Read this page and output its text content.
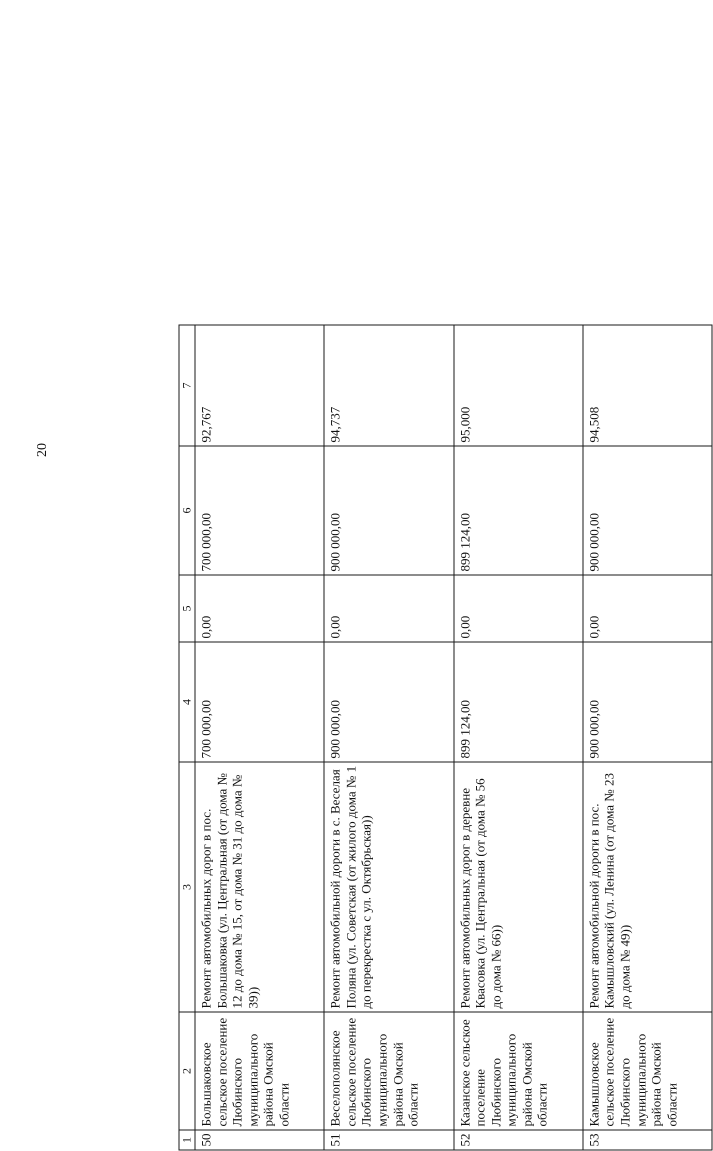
20
1	2	3	4	5	6	7
50	Большаковское сельское поселение Любинского муниципального района Омской области	Ремонт автомобильных дорог в пос. Большаковка (ул. Центральная (от дома № 12 до дома № 15, от дома № 31 до дома № 39))	700 000,00	0,00	700 000,00	92,767
51	Веселополянское сельское поселение Любинского муниципального района Омской области	Ремонт автомобильной дороги в с. Веселая Поляна (ул. Советская (от жилого дома № 1 до перекрестка с ул. Октябрьская))	900 000,00	0,00	900 000,00	94,737
52	Казанское сельское поселение Любинского муниципального района Омской области	Ремонт автомобильных дорог в деревне Квасовка (ул. Центральная (от дома № 56 до дома № 66))	899 124,00	0,00	899 124,00	95,000
53	Камышловское сельское поселение Любинского муниципального района Омской области	Ремонт автомобильной дороги в пос. Камышловский (ул. Ленина (от дома № 23 до дома № 49))	900 000,00	0,00	900 000,00	94,508
